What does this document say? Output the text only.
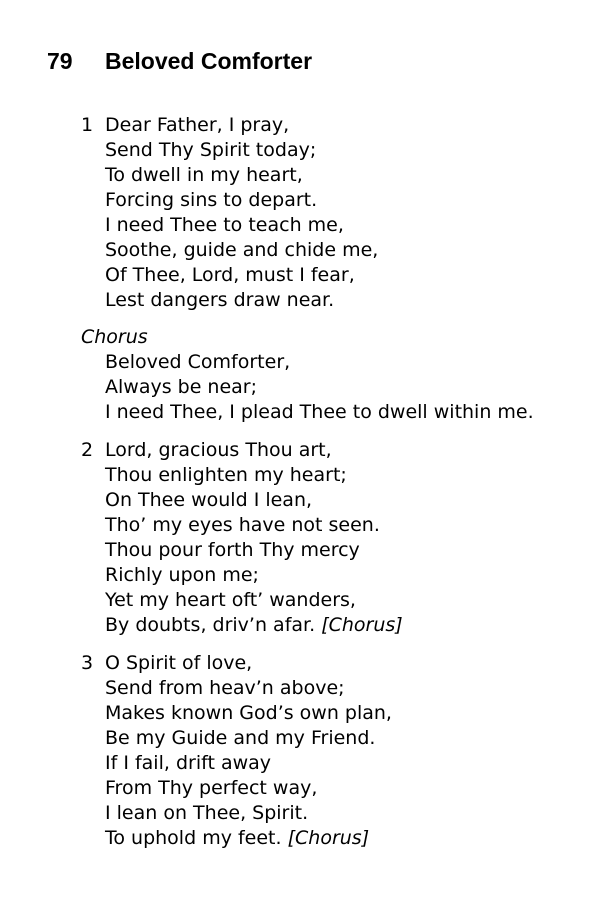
79 Beloved Comforter
1 Dear Father, I pray,
Send Thy Spirit today;
To dwell in my heart,
Forcing sins to depart.
I need Thee to teach me,
Soothe, guide and chide me,
Of Thee, Lord, must I fear,
Lest dangers draw near.
Chorus
Beloved Comforter,
Always be near;
I need Thee, I plead Thee to dwell within me.
2 Lord, gracious Thou art,
Thou enlighten my heart;
On Thee would I lean,
Tho’ my eyes have not seen.
Thou pour forth Thy mercy
Richly upon me;
Yet my heart oft’ wanders,
By doubts, driv’n afar. [Chorus]
3 O Spirit of love,
Send from heav’n above;
Makes known God’s own plan,
Be my Guide and my Friend.
If I fail, drift away
From Thy perfect way,
I lean on Thee, Spirit.
To uphold my feet. [Chorus]
